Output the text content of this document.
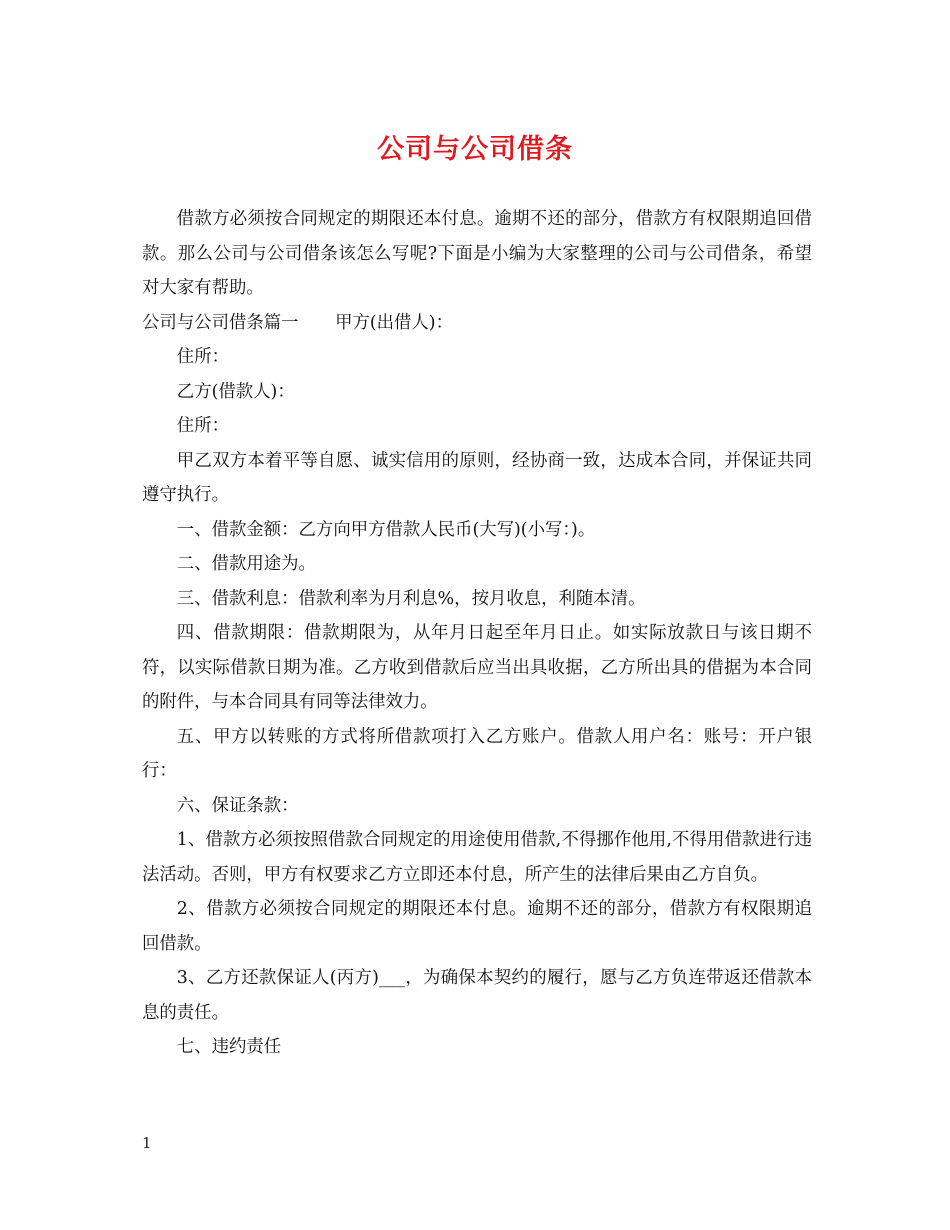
公司与公司借条

借款方必须按合同规定的期限还本付息。逾期不还的部分，借款方有权限期追回借款。那么公司与公司借条该怎么写呢?下面是小编为大家整理的公司与公司借条，希望对大家有帮助。

公司与公司借条篇一 甲方(出借人)：

住所：

乙方(借款人)：

住所：

甲乙双方本着平等自愿、诚实信用的原则，经协商一致，达成本合同，并保证共同遵守执行。

一、借款金额：乙方向甲方借款人民币(大写)(小写：)。

二、借款用途为。

三、借款利息：借款利率为月利息%，按月收息，利随本清。

四、借款期限：借款期限为，从年月日起至年月日止。如实际放款日与该日期不符，以实际借款日期为准。乙方收到借款后应当出具收据，乙方所出具的借据为本合同的附件，与本合同具有同等法律效力。

五、甲方以转账的方式将所借款项打入乙方账户。借款人用户名：账号：开户银行：

六、保证条款：

1、借款方必须按照借款合同规定的用途使用借款,不得挪作他用,不得用借款进行违法活动。否则，甲方有权要求乙方立即还本付息，所产生的法律后果由乙方自负。

2、借款方必须按合同规定的期限还本付息。逾期不还的部分，借款方有权限期追回借款。

3、乙方还款保证人(丙方)___，为确保本契约的履行，愿与乙方负连带返还借款本息的责任。

七、违约责任

1
